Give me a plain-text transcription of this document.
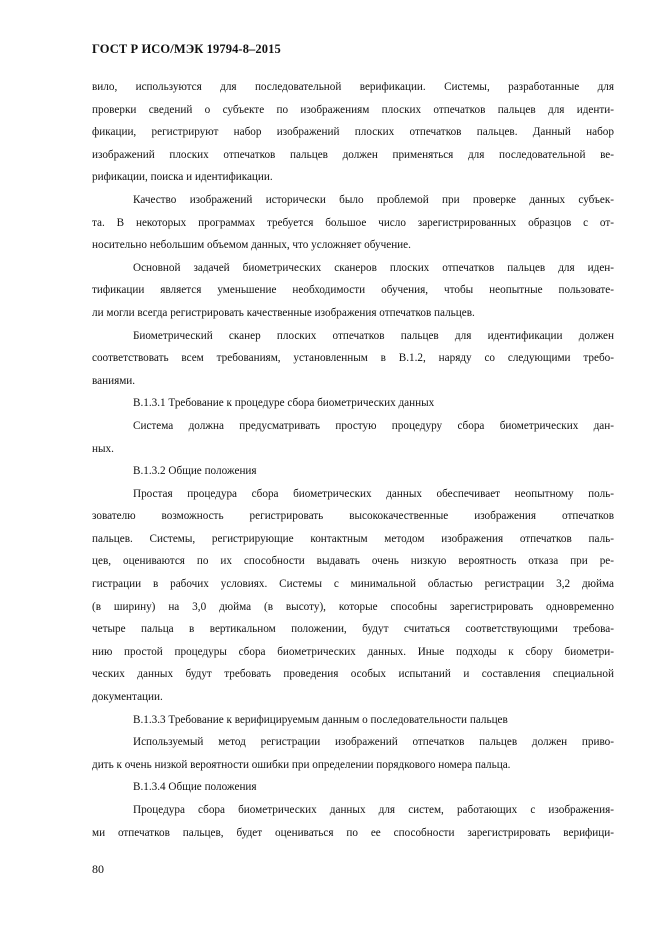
ГОСТ Р ИСО/МЭК 19794-8–2015
вило, используются для последовательной верификации. Системы, разработанные для
проверки сведений о субъекте по изображениям плоских отпечатков пальцев для иденти-
фикации, регистрируют набор изображений плоских отпечатков пальцев. Данный набор
изображений плоских отпечатков пальцев должен применяться для последовательной ве-
рификации, поиска и идентификации.
Качество изображений исторически было проблемой при проверке данных субъек-
та. В некоторых программах требуется большое число зарегистрированных образцов с от-
носительно небольшим объемом данных, что усложняет обучение.
Основной задачей биометрических сканеров плоских отпечатков пальцев для иден-
тификации является уменьшение необходимости обучения, чтобы неопытные пользовате-
ли могли всегда регистрировать качественные изображения отпечатков пальцев.
Биометрический сканер плоских отпечатков пальцев для идентификации должен
соответствовать всем требованиям, установленным в В.1.2, наряду со следующими требо-
ваниями.
В.1.3.1 Требование к процедуре сбора биометрических данных
Система должна предусматривать простую процедуру сбора биометрических дан-
ных.
В.1.3.2 Общие положения
Простая процедура сбора биометрических данных обеспечивает неопытному поль-
зователю возможность регистрировать высококачественные изображения отпечатков
пальцев. Системы, регистрирующие контактным методом изображения отпечатков паль-
цев, оцениваются по их способности выдавать очень низкую вероятность отказа при ре-
гистрации в рабочих условиях. Системы с минимальной областью регистрации 3,2 дюйма
(в ширину) на 3,0 дюйма (в высоту), которые способны зарегистрировать одновременно
четыре пальца в вертикальном положении, будут считаться соответствующими требова-
нию простой процедуры сбора биометрических данных. Иные подходы к сбору биометри-
ческих данных будут требовать проведения особых испытаний и составления специальной
документации.
В.1.3.3 Требование к верифицируемым данным о последовательности пальцев
Используемый метод регистрации изображений отпечатков пальцев должен приво-
дить к очень низкой вероятности ошибки при определении порядкового номера пальца.
В.1.3.4 Общие положения
Процедура сбора биометрических данных для систем, работающих с изображения-
ми отпечатков пальцев, будет оцениваться по ее способности зарегистрировать верифици-
80
